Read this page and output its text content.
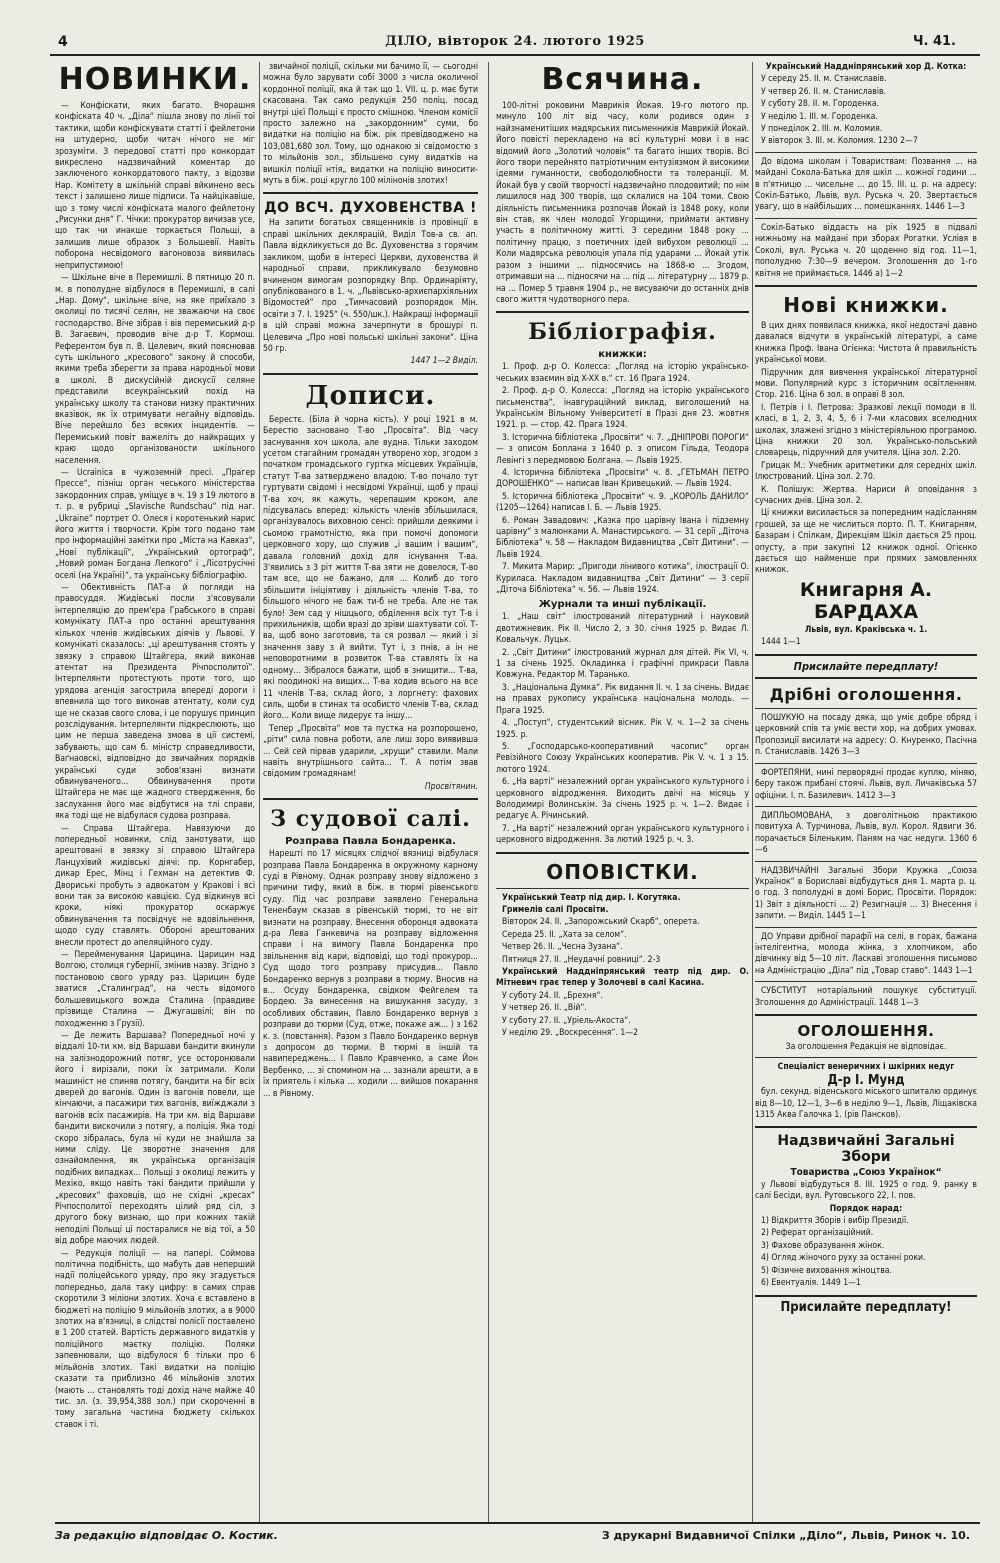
4	ДІЛО, вівторок 24. лютого 1925	Ч. 41.
НОВИНКИ.

— Конфіскати, яких багато. Вчорашня конфіската 40 ч. „Діла“ пішла знову по лінії тої тактики, щоби конфіскувати статті і фейлетони на штудерно, щоби читач нічого не міг зрозуміти. З передової статті про конкордат викреслено надзвичайний коментар до заключеного конкордатового пакту, з відозви Нар. Комітету в шкільній справі вйкинено весь текст і залишено лише підписи. Та найцікавіше, що з тому числі конфіската малого фейлетону „Рисунки дня“ Г. Чічки: прокуратор вичизав усе, що так чи инакше торкається Польщі, а залишив лише образок з Большевії. Навіть поборона несвідомого вагоновоза виявилась неприпустимою!

— Шкільне віче в Перемишлі. В пятницю 20 п. м. в пополудне відбулося в Перемишлі, в салі „Нар. Дому“, шкільне віче, на яке приїхало з околиці по тисячі селян, не зважаючи на своє господарство. Віче зібрав і вів перемиський д-р В. Загаєвич, проводив віче д-р Т. Кормош. Референтом був п. В. Целевич, який пояснював суть шкільного „кресового“ закону й способи, якими треба зберегти за права народньої мови в школі. В дискусійній дискусії селяне представили всеукраїнський похід на українську школу та станови низку практичних вказівок, як їх отримувати негайну відповідь. Віче перейшло без всяких інцидентів. — Перемиський повіт важеліть до найкращих у краю щодо організованости шкільного населення.

— Ucrainica в чужоземній пресі. „Прагер Прессе“, пізніш орган чеського міністерства закордонних справ, уміщує в ч. 19 з 19 лютого в т. р. в рубриці „Slavische Rundschau“ під наг. „Ukraine“ портрет О. Олеся і коротенький нарис його життя і творчости. Крім того подано там про інформаційні замітки про „Міста на Кавказ“, „Нові публікації“, „Український ортограф“, „Новий роман Богдана Лепкого“ і „Лісотрусічні оселі (на Україні)“, та українську бібліографію.

— Обективність ПАТ-а й погляди на правосуддя. Жидівські посли з'ясовували інтерпеляцію до прем'єра Грабського в справі комунікату ПАТ-а про останні арештування кількох членів жидівських діячів у Львові. У комунікаті сказалось: „ці арештування стоять у звязку з справою Штайгера, який виконав атентат на Президента Річпосполитої“. Інтерпелянти протестують проти того, що урядова агенція загострила впереді дороги і впевнила що того виконав атентату, коли суд ще не сказав свого слова, і це порушує принцип розслідування. Інтерпелянти підкреслюють, що цим не перша заведена змова в ції системі, забувають, що сам б. міністр справедливости, Ваґнаовскі, відповідно до звичайних порядків українські суди зобов'язані визнати обвинуваченого... Обвинувачення проти Штайгера не має ще жадного ствердження, бо заслухання його має відбутися на тлі справи, яка тоді ще не відбулася судова розправа.

— Справа Штайгера. Навязуючи до попередньої новинки, слід занотувати, що арештовані в звязку зі справою Штайгера Ланцухівий жидівські діячі: пр. Корнгабер, дикар Ерес, Мінц і Гехман на детектив Ф. Двориські пробуть з адвокатом у Кракові і всі вони так за високою кавцією. Суд відкинув всі кроки, ніякі прокуратор оскаржує обвинувачення та посвідчує не вдовільнення, щодо суду ставлять. Обороні арештованих внесли протест до апеляційного суду.

— Перейменування Царицина. Царицин над Волгою, столиця губернії, змінив назву. Згідно з постановою свого уряду раз. Царицин буде зватися „Сталинград“, на честь відомого большевицького вожда Сталина (правдиве прізвище Сталина — Джугашвілі; він по походженню з Грузії).

— Де лежить Варшава? Попередньої ночі у віддалі 10-ти км. від Варшави бандити вкинули на залізнодорожний потяг, усе осторонювали його і вирізали, поки їх затримали. Коли машиніст не спиняв потягу, бандити на біг всіх дверей до вагонів. Один із вагонів повели, ще кінчаючи, а пасажири тих вагонів, виїжджали з вагонів всіх пасажирів. На три км. від Варшави бандити вискочили з потягу, а поліція. Яка тоді скоро зібралась, була ні куди не знайшла за ними сліду. Це зворотне значення для ознайомлення, як українська організація подібних випадках... Польщі з околиці лежить у Мехіко, якщо навіть такі бандити прийшли у „кресових“ фаховців, що не східні „кресах“ Річпосполитої переходять цілий ряд сіл, з другого боку визнаю, що при кожних такій неподілі Польщі ці постаралися не від тої, а 50 від добре маючих людей.

— Редукція поліції — на папері. Соймова політична подібність, що мабуть дав неперший надії поліцейського уряду, про яку згадується попередньо, дала таку цифру: в самих справ скоротили 3 міліони злотих. Хоча є вставлено в бюджеті на поліцію 9 мільйонів злотих, а в 9000 злотих на в'язниці, в слідстві полісії поставлено в 1 200 статей. Вартість державного видатків у поліційного маєтку поліцію. Поляки запевнювали, що відбулося б тільки про 6 мільйонів злотих. Такі видатки на поліцію сказати та приблизно 46 мільйонів злотих (мають ... становлять тоді дохід наче майже 40 тис. зл. (з. 39,954,388 зол.) при скороченні в тому загальна частина бюджету скількох ставок і ті.

звичайної поліції, скільки ми бачимо її, — сьогодні можна було зарувати собі 3000 з числа околичної кордонної поліції, яка й так що 1. VII. ц. р. має бути скасована. Так само редукція 250 поліц. посад внутрі цієї Польщі є просто смішною. Членом комісії просто залежно на „закордонним“ суми, бо видатки на поліцію на біж. рік превідводжено на 103,081,680 зол. Тому, що однакою зі свідомостю з то мільйонів зол., збільшено суму видатків на вишкіл поліції нтія„ видатки на поліцію виносити-муть в біж. році кругло 100 мілінонів злотих!

ДО ВСЧ. ДУХОВЕНСТВА !

На запити богатьох священників із провінції в справі шкільних деклярацій, Виділ Тов-а св. ап. Павла відкликується до Вс. Духовенства з горячим закликом, щоби в інтересі Церкви, духовенства й народньої справи, прикликувало безумовно вчиненом вимогам розпорядку Впр. Ординаріяту, опублікованого в 1. ч. „Львівсько-архиєпархіяльних Відомостей“ про „Тимчасовий розпорядок Мін. освіти з 7. I. 1925“ (ч. 550/шк.). Найкращі інформації в цій справі можна зачерпнути в брошурі п. Целевича „Про нові польські шкільні закони“. Ціна 50 гр.

1447 1—2 Виділ.

Дописи.

Берестє. (Біла й чорна кість). У році 1921 в м. Берестю засновано Т-во „Просвіта“. Від часу заснування хоч школа, але вудна. Тільки заходом усетом стагайним громадян утворено хор, згодом з початком громадського гуртка місцевих Українців, статут Т-ва затверджено владою. Т-во почало тут гуртувати свідомі і несвідомі Українці, щоб у праці Т-ва хоч, як кажуть, черепашим кроком, але підсувалась вперед: кількість членів збільшилася, організувалось виховною сенсі: прийшли деякими і сьомою грамотністю, яка при помочі допомоги церковного хору, що служив „і вашим і вашим“, давала головний дохід для існування Т-ва. З'явились з 3 ріт життя Т-ва зяти не довелося, Т-во там все, що не бажано, для ... Колиб до того збільшити ініціятиву і діяльність членів Т-ва, то більшого нічого не баж ти-б не треба. Але не так було! Зем сад у нішцього, обділення всіх тут Т-в і прихильників, щоби вразі до зріви шахтувати сої. Т-ва, щоб воно заготовив, та ся розвал — який і зі значення заву з й вийти. Тут і, з пнів, а ін не неповоротними в розвиток Т-ва ставлять їх на одному... Зібралося бажати, щоб в знищити... Т-ва, які поодинокі на вищих... Т-ва ходив всього на все 11 членів Т-ва, склад його, з лоргнету: фахових силь, щоби в стинах та особисто членів Т-ва, склад його... Коли вище лидерує та іншу...

Тепер „Просвіта“ мов та пустка на розпорошено, „ріти“ сила повна роботи, але лиш зоро виявивша ... Сей сей пірвав ударили, „хрущи“ ставили. Мали навіть внутрішнього сайта... Т. А потім звав свідомим громадянам!

Просвітянин.

З судової салі.
Розправа Павла Бондаренка.

Нарешті по 17 місяцях слідчої вязниці відбулася розправа Павла Бондаренка в окружному карному суді в Рівному. Однак розправу знову відложено з причини тифу, який в біж. в тюрмі рівенського суду. Під час розправи заявлено Генеральна Тененбаум сказав в рівенській тюрмі, то не віт визнати на розправу. Внесення оборонця адвоката д-ра Лева Ганкевича на розправу відложення справи і на вимогу Павла Бондаренка про звільнення від кари, відповіді, що тоді прокурор... Суд щодо того розправу присудив... Павло Бондаренко вернув з розправи в тюрму. Вносив на в... Осуду Бондаренка, свідком Фейгелем та Бордею. За винесення на вишукання засуду, з особливих обставин, Павло Бондаренко вернув з розправи до тюрми (Суд, отже, покаже аж... ) з 162 к. з. (повстання). Разом з Павло Бондаренко вернув з допросом до тюрми. В тюрмі в іншій та навипереджень... І Павло Кравченко, а саме Йон Вербенко, ... зі спомином на ... зазнали арешти, а в їх приятель і кілька ... ходили ... вийшов покарання ... в Рівному.

Всячина.

100-літні роковини Маврикія Йокая. 19-го лютого пр. минуло 100 літ від часу, коли родився один з найзнаменитіших мадярських письменників Маврикій Йокай. Його повісті перекладено на всі культурні мови і в нас відомий його „Золотий чоловік“ та багато інших творів. Всі його твори перейнято патріотичним ентузіязмом й високими ідеями гуманности, свободолюбности та толеранції. М. Йокай був у своїй творчості надзвичайно плодовитий; по нім лишилося над 300 творів, що склалися на 104 томи. Свою діяльність письменника розпочав Йокай із 1848 року, коли він став, як член молодої Угорщини, приймати активну участь в політичному житті. З середини 1848 року ... політичну працю, з поетичних ідей вибухом революції ... Коли мадярська революція упала під ударами ... Йокай утік разом з іншими ... підносячись на 1868-ю ... Згодом, отримавши на ... підносячи на ... під ... літературну ... 1879 р. на ... Помер 5 травня 1904 р., не висуваючи до останніх днів свого життя чудотворного пера.

Бібліографія.
книжки:

1. Проф. д-р О. Колесса: „Погляд на історію українсько-чеських взаємин від X-XX в.“ ст. 16 Прага 1924.

2. Проф. д-р О. Колесса: „Погляд на історію українського письменства“, інавгураційний виклад, виголошений на Українськім Вільному Університеті в Празі дня 23. жовтня 1921. р. — стор. 42. Прага 1924.

3. Історична бібліотека „Просвіти“ ч. 7. „ДНІПРОВІ ПОРОГИ“ — з описом Боплана з 1640 р. з описом Гільда, Теодора Левінгі з передмовою Болгана. — Львів 1925.

4. Історична бібліотека „Просвіти“ ч. 8. „ГЕТЬМАН ПЕТРО ДОРОШЕНКО“ — написав Іван Кривецький. — Львів 1924.

5. Історична бібліотека „Просвіти“ ч. 9. „КОРОЛЬ ДАНИЛО“ (1205—1264) написав І. Б. — Львів 1925.

6. Роман Завадович: „Казка про царівну Івана і підземну царівну“ з малюнками А. Манастирського. — 31 серії „Діточа Бібліотека“ ч. 58 — Накладом Видавництва „Світ Дитини“. — Львів 1924.

7. Микита Марир: „Пригоди лінивого котика“, ілюстрації О. Куриласа. Накладом видавництва „Світ Дитини“ — 3 серії „Діточа Бібліотека“ ч. 56. — Львів 1924.

Журнали та инші публікації.

1. „Наш світ“ ілюстрований літературний і науковий двотижневик. Рік II. Число 2, з 30. січня 1925 р. Видає Л. Ковальчук. Луцьк.

2. „Світ Дитини“ ілюстрований журнал для дітей. Рік VI, ч. 1 за січень 1925. Окладинка і графічні прикраси Павла Ковжуна. Редактор М. Таранько.

3. „Національна Думка“. Рік видання II. ч. 1 за січень. Видає на правах рукопису українська національна молодь. — Прага 1925.

4. „Поступ“, студентський вісник. Рік V. ч. 1—2 за січень 1925. р.

5. „Господарсько-кооперативний часопис“ орган Ревізійного Союзу Українських кооператив. Рік V. ч. 1 з 15. лютого 1924.

6. „На варті“ незалежний орган українського культурного і церковного відродження. Виходить двічі на місяць у Володимирі Волинськім. За січень 1925 р. ч. 1—2. Видає і редагує А. Річинський.

7. „На варті“ незалежний орган українського культурного і церковного відродження. За лютий 1925 р. ч. 3.

ОПОВІСТКИ.

Український Театр під дир. І. Когутяка.

Гримелів салі Просвіти.

Вівторок 24. II. „Запорожський Скарб“, оперета.

Середа 25. II. „Хата за селом“.

Четвер 26. II. „Чесна Зузана“.

Пятниця 27. II. „Неудачні ровниці“. 2-3

Український Наддніпрянський театр під дир. О. Мітневич грає тепер у Золочеві в салі Касина.

У суботу 24. II. „Брехня“.

У четвер 26. II. „Вій“.

У суботу 27. II. „Уріель-Акоста“.

У неділю 29. „Воскресення“. 1—2

Український Наддніпрянський хор Д. Котка:

У середу 25. II. м. Станиславів.

У четвер 26. II. м. Станиславів.

У суботу 28. II. м. Городенка.

У неділю 1. III. м. Городенка.

У понеділок 2. III. м. Коломия.

У вівторок 3. III. м. Коломия. 1230 2—7

До відома школам і Товариствам: Позвання ... на майдані Сокола-Батька для шкіл ... кожної години ... в п'ятницю ... чисельне ... до 15. III. ц. р. на адресу: Сокіл-Батько, Львів, вул. Руська ч. 20. Звертається увагу, що в найбільших ... помешканнях. 1446 1—3

Сокіл-Батько віддасть на рік 1925 в підвалі нижньому на майдані при зборах Рогатки. Услівя в Соколі, вул. Руська ч. 20 щоденно від год. 11—1, пополудню 7:30—9 вечером. Зголошення до 1-го квітня не приймається. 1446 а) 1—2

Нові книжки.

В цих днях появилася книжка, якої недостачі давно давалася відчути в українській літературі, а саме книжка Проф. Івана Огієнка: Чистота й правильність української мови.

Підручник для вивчення української літературної мови. Популярний курс з історичним освітленням. Стор. 216. Ціна 6 зол. в оправі 8 зол.

І. Петрів і І. Петрова: Зразкові лекції помоди в II. класі, в 1, 2, 3, 4, 5, 6 і 7-ми класових вселюдних школах, злажені згідно з міністеріяльною програмою. Ціна книжки 20 зол. Українсько-польський словарець, підручний для учителя. Ціна зол. 2.20.

Грицак М.: Учебник аритметики для середніх шкіл. Ілюстрований. Ціна зол. 2.70.

К. Полішук: Жертва. Нариси й оповідання з сучасних днів. Ціна зол. 2.

Ці книжки висилається за попередним надісланням грошей, за ще не числиться порто. П. Т. Книгарням, Базарам і Спілкам, Дирекціям Шкіл дається 25 проц. опусту, а при закупні 12 книжок одної. Огієнко дається що найменше при прямих замовленнях книжок.

Книгарня А. БАРДАХА

Львів, вул. Краківська ч. 1.

1444 1—1

Присилайте передплату!

Дрібні оголошення.

ПОШУКУЮ на посаду дяка, що уміє добре обряд і церковний спів та уміє вести хор, на добрих умовах. Пропозиції висилати на адресу: О. Кнуренко, Пасічна п. Станиславів. 1426 3—3

ФОРТЕПЯНИ, нині перворядні продає куплю, міняю, беру також прибані стоячі. Львів, вул. Личаківська 57 офіціни. І. п. Базилевич. 1412 3—3

ДИПЛЬОМОВАНА, з довголітньою практикою повитуха А. Турчинова, Львів, вул. Корол. Ядвиги 36. порачається Біленьким. Паням на час недуги. 1360 6—6

НАДЗВИЧАЙНІ Загальні Збори Кружка „Союза Українок“ в Бориславі відбудуться дня 1. марта р. ц. о год. 3 пополудні в домі Борис. Просвіти. Порядок: 1) Звіт з діяльності ... 2) Резигнація ... 3) Внесення і запити. — Виділ. 1445 1—1

ДО Управи дрібної парафії на селі, в горах, бажана інтелігентна, молода жінка, з хлопчиком, або дівчинку від 5—10 літ. Ласкаві зголошення письмово на Адміністрацію „Діла“ під „Товар ставо“. 1443 1—1

СУБСТИТУТ нотаріальний пошукує субституції. Зголошення до Адміністрації. 1448 1—3

ОГОЛОШЕННЯ.

За оголошення Редакція не відповідає.

Спеціаліст венеричних і шкірних недуг

Д-р І. Мунд

бул. секунд. віденського міського шпиталю ординує від 8—10, 12—1, 3—6 в неділю 9—1, Львів, Ліщаківска 1315 Аква Галочка 1. (рів Пансков).

Надзвичайні Загальні Збори

Товариства „Союз Українок“

у Львові відбудуться 8. III. 1925 о год. 9. ранку в салі Бесіди, вул. Рутовського 22, І. пов.

Порядок нарад:

1) Відкриття Зборів і вибір Президії.

2) Реферат організаційний.

3) Фахове образування жінок.

4) Огляд жіночого руху за останні роки.

5) Фізичне виховання жіноцтва.

6) Евентуалія. 1449 1—1

Присилайте передплату!

За редакцію відповідає О. Костик.	З друкарні Видавничої Спілки „Діло“, Львів, Ринок ч. 10.
